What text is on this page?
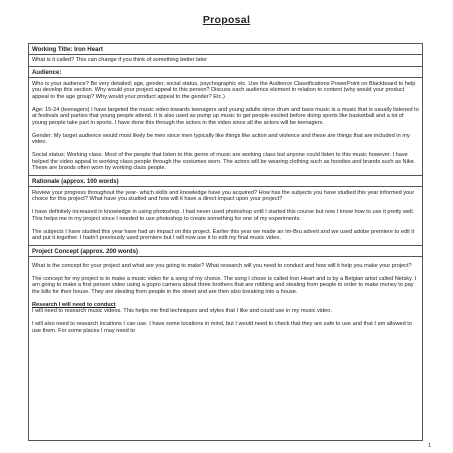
Proposal
Working Title: Iron Heart

What is it called? This can change if you think of something better later

Audience:

Who is your audience? Be very detailed; age, gender, social status, psychographic etc. Use the Audience Classifications PowerPoint on Blackboard to help you develop this section. Why would your project appeal to this person? Discuss each audience element in relation to content (why would your product appeal to the age group? Why would your product appeal to the gender? Etc.)

Age: 15-24 (teenagers) I have targeted the music video towards teenagers and young adults since drum and bass music is a music that is usually listened to at festivals and parties that young people attend. It is also used as pump up music to get people excited before doing sports like basketball and a lot of young people take part in sports. I have done this through the actors in the video since all the actors will be teenagers.

Gender: My target audience would most likely be men since men typically like things like action and violence and these are things that are included in my video.

Social status: Working class. Most of the people that listen to this genre of music are working class but anyone could listen to this music however. I have helped the video appeal to working class people through the costumes worn. The actors will be wearing clothing such as hoodies and brands such as Nike. These are brands often worn by working class people.

Rationale (approx. 100 words)

Review your progress throughout the year- which skills and knowledge have you acquired? How has the subjects you have studied this year informed your choice for this project? What have you studied and how will it have a direct impact upon your project?

I have definitely increased in knowledge in using photoshop. I had never used photoshop until I started this course but now I know how to use it pretty well. This helps me in my project since I needed to use photoshop to create something for one of my experiments.

The subjects I have studied this year have had an impact on this project. Earlier this year we made an Im-Bru advert and we used adobe premiere to edit it and put it together. I hadn't previously used premiere but I will now use it to edit my final music video.

Project Concept (approx. 200 words)

What is the concept for your project and what are you going to make? What research will you need to conduct and how will it help you make your project?

The concept for my project is to make a music video for a song of my choice. The song I chose is called Iron Heart and is by a Belgian artist called Netsky. I am going to make a first person video using a gopro camera about three brothers that are robbing and stealing from people in order to make money to pay the bills for their house. They are stealing from people in the street and are then also breaking into a house.

Research I will need to conduct

I will need to research music videos. This helps me find techniques and styles that I like and could use in my music video.

I will also need to research locations I can use. I have some locations in mind, but I would need to check that they are safe to use and that I am allowed to use them. For some places I may need to

1
